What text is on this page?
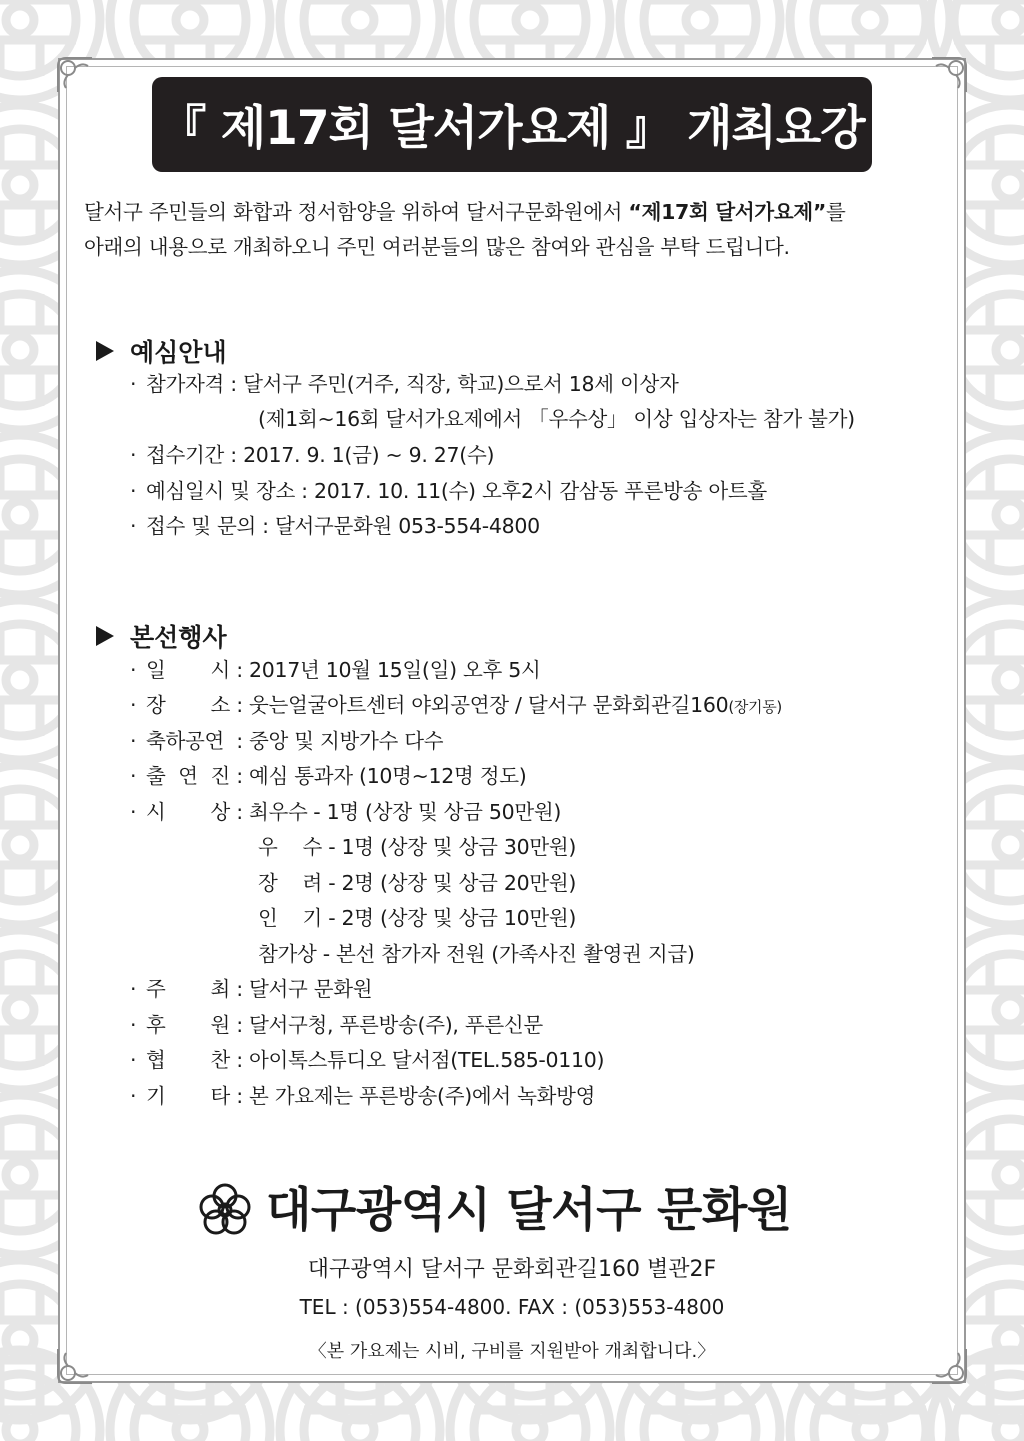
『 제17회 달서가요제 』 개최요강
달서구 주민들의 화합과 정서함양을 위하여 달서구문화원에서 “제17회 달서가요제”를
아래의 내용으로 개최하오니 주민 여러분들의 많은 참여와 관심을 부탁 드립니다.
예심안내
· 참가자격 : 달서구 주민(거주, 직장, 학교)으로서 18세 이상자
(제1회~16회 달서가요제에서 「우수상」 이상 입상자는 참가 불가)
· 접수기간 : 2017. 9. 1(금) ~ 9. 27(수)
· 예심일시 및 장소 : 2017. 10. 11(수) 오후2시 감삼동 푸른방송 아트홀
· 접수 및 문의 : 달서구문화원 053-554-4800
본선행사
· 일 시 : 2017년 10월 15일(일) 오후 5시
· 장 소 : 웃는얼굴아트센터 야외공연장 / 달서구 문화회관길160(장기동)
· 축하공연 : 중앙 및 지방가수 다수
· 출 연 진 : 예심 통과자 (10명~12명 정도)
· 시 상 : 최우수 - 1명 (상장 및 상금 50만원)
우 수 - 1명 (상장 및 상금 30만원)
장 려 - 2명 (상장 및 상금 20만원)
인 기 - 2명 (상장 및 상금 10만원)
참가상 - 본선 참가자 전원 (가족사진 촬영권 지급)
· 주 최 : 달서구 문화원
· 후 원 : 달서구청, 푸른방송(주), 푸른신문
· 협 찬 : 아이톡스튜디오 달서점(TEL.585-0110)
· 기 타 : 본 가요제는 푸른방송(주)에서 녹화방영
대구광역시 달서구 문화원
대구광역시 달서구 문화회관길160 별관2F
TEL : (053)554-4800. FAX : (053)553-4800
〈본 가요제는 시비, 구비를 지원받아 개최합니다.〉
